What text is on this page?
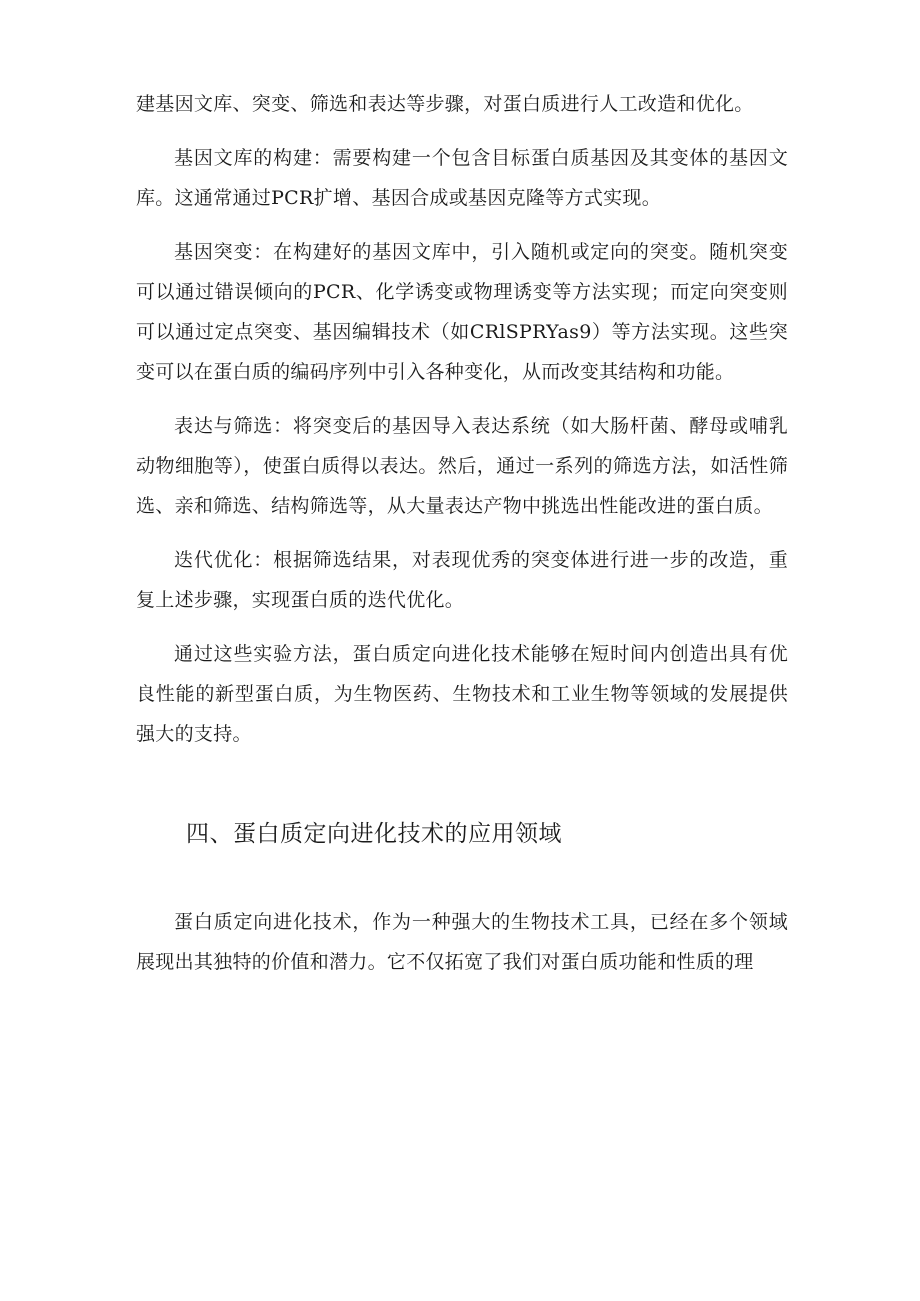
建基因文库、突变、筛选和表达等步骤，对蛋白质进行人工改造和优化。

基因文库的构建：需要构建一个包含目标蛋白质基因及其变体的基因文库。这通常通过PCR扩增、基因合成或基因克隆等方式实现。

基因突变：在构建好的基因文库中，引入随机或定向的突变。随机突变可以通过错误倾向的PCR、化学诱变或物理诱变等方法实现；而定向突变则可以通过定点突变、基因编辑技术（如CRlSPRYas9）等方法实现。这些突变可以在蛋白质的编码序列中引入各种变化，从而改变其结构和功能。

表达与筛选：将突变后的基因导入表达系统（如大肠杆菌、酵母或哺乳动物细胞等），使蛋白质得以表达。然后，通过一系列的筛选方法，如活性筛选、亲和筛选、结构筛选等，从大量表达产物中挑选出性能改进的蛋白质。

迭代优化：根据筛选结果，对表现优秀的突变体进行进一步的改造，重复上述步骤，实现蛋白质的迭代优化。

通过这些实验方法，蛋白质定向进化技术能够在短时间内创造出具有优良性能的新型蛋白质，为生物医药、生物技术和工业生物等领域的发展提供强大的支持。

四、蛋白质定向进化技术的应用领域

蛋白质定向进化技术，作为一种强大的生物技术工具，已经在多个领域展现出其独特的价值和潜力。它不仅拓宽了我们对蛋白质功能和性质的理
